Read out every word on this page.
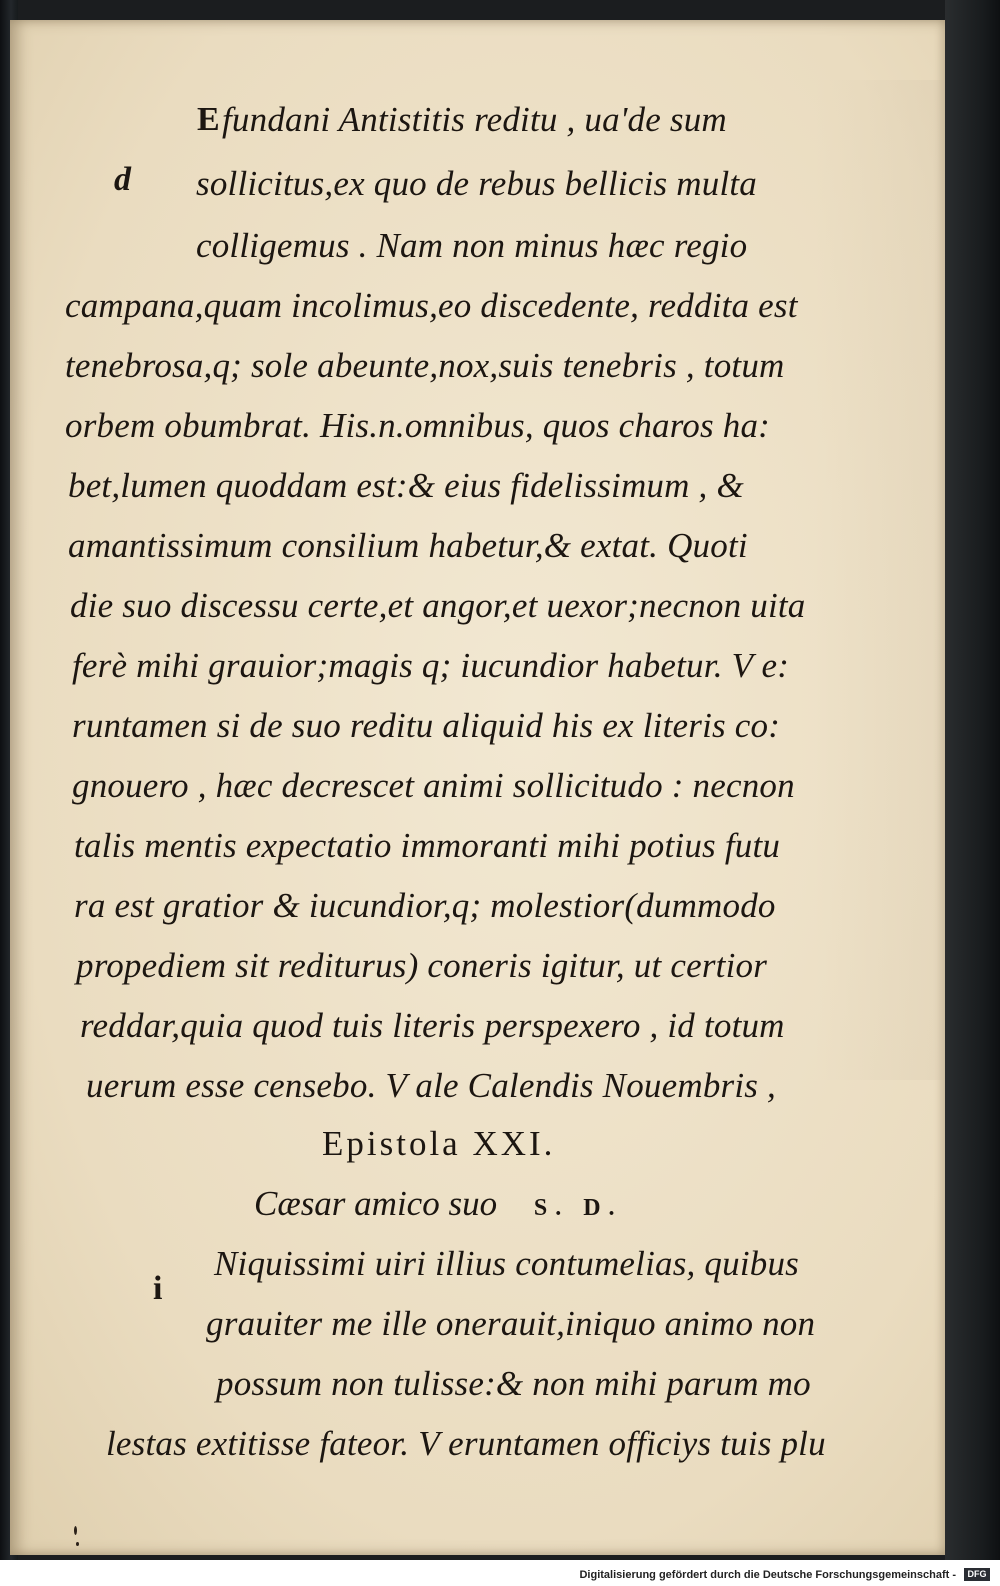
E
d

fundani Antistitis reditu , ua'de sum

sollicitus,ex quo de rebus bellicis multa

colligemus . Nam non minus hæc regio

campana,quam incolimus,eo discedente, reddita est

tenebrosa,q; sole abeunte,nox,suis tenebris , totum

orbem obumbrat. His.n.omnibus, quos charos ha:

bet,lumen quoddam est:& eius fidelissimum , &

amantissimum consilium habetur,& extat. Quoti

die suo discessu certe,et angor,et uexor;necnon uita

ferè mihi grauior;magis q; iucundior habetur. V e:

runtamen si de suo reditu aliquid his ex literis co:

gnouero , hæc decrescet animi sollicitudo : necnon

talis mentis expectatio immoranti mihi potius futu

ra est gratior & iucundior,q; molestior(dummodo

propediem sit rediturus) coneris igitur, ut certior

reddar,quia quod tuis literis perspexero , id totum

uerum esse censebo. V ale Calendis Nouembris ,

Epistola XXI.

Cæsar amico suo S. D.

i

Niquissimi uiri illius contumelias, quibus

grauiter me ille onerauit,iniquo animo non

possum non tulisse:& non mihi parum mo

lestas extitisse fateor. V eruntamen officiys tuis plu

Digitalisierung gefördert durch die Deutsche Forschungsgemeinschaft -	DFG
